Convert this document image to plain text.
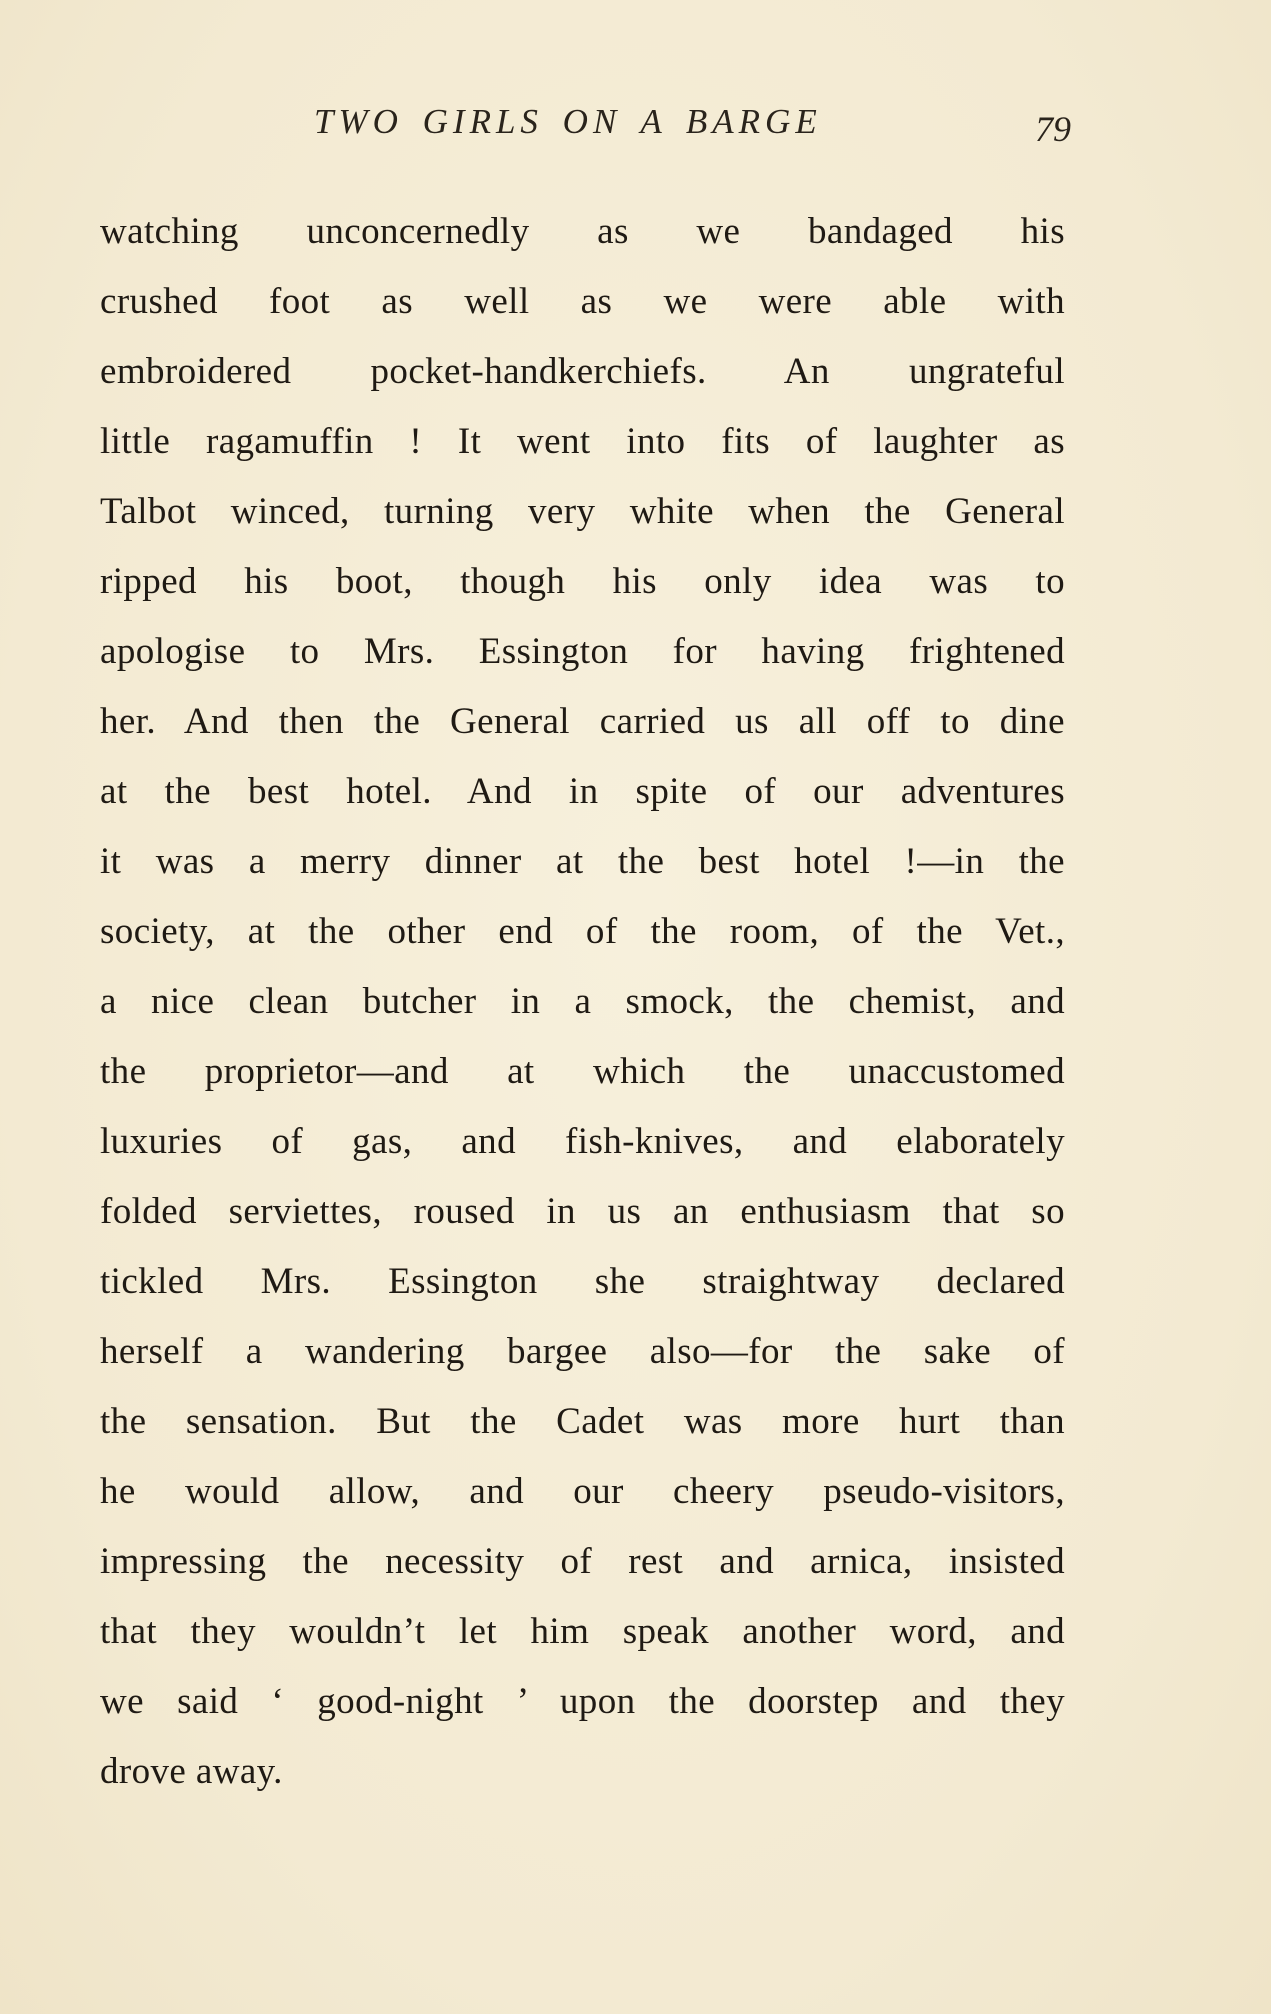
TWO GIRLS ON A BARGE	79
watching unconcernedly as we bandaged his
crushed foot as well as we were able with
embroidered pocket-handkerchiefs. An ungrateful
little ragamuffin ! It went into fits of laughter as
Talbot winced, turning very white when the General
ripped his boot, though his only idea was to
apologise to Mrs. Essington for having frightened
her. And then the General carried us all off to dine
at the best hotel. And in spite of our adventures
it was a merry dinner at the best hotel !—in the
society, at the other end of the room, of the Vet.,
a nice clean butcher in a smock, the chemist, and
the proprietor—and at which the unaccustomed
luxuries of gas, and fish-knives, and elaborately
folded serviettes, roused in us an enthusiasm that so
tickled Mrs. Essington she straightway declared
herself a wandering bargee also—for the sake of
the sensation. But the Cadet was more hurt than
he would allow, and our cheery pseudo-visitors,
impressing the necessity of rest and arnica, insisted
that they wouldn’t let him speak another word, and
we said ‘ good-night ’ upon the doorstep and they
drove away.
